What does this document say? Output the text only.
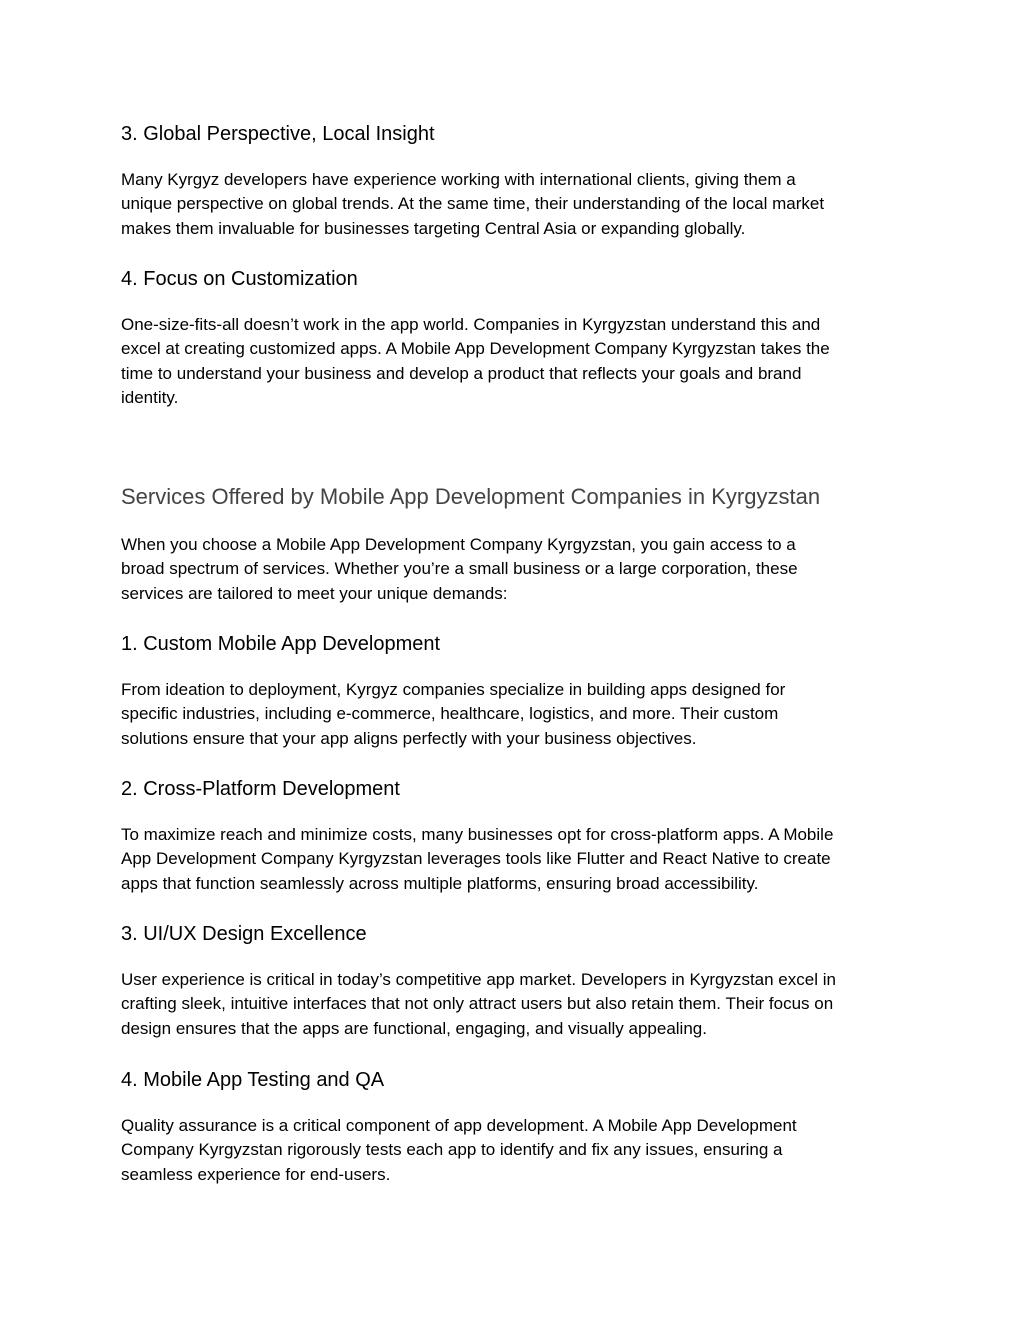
3. Global Perspective, Local Insight

Many Kyrgyz developers have experience working with international clients, giving them a
unique perspective on global trends. At the same time, their understanding of the local market
makes them invaluable for businesses targeting Central Asia or expanding globally.

4. Focus on Customization

One-size-fits-all doesn’t work in the app world. Companies in Kyrgyzstan understand this and
excel at creating customized apps. A Mobile App Development Company Kyrgyzstan takes the
time to understand your business and develop a product that reflects your goals and brand
identity.

Services Offered by Mobile App Development Companies in Kyrgyzstan

When you choose a Mobile App Development Company Kyrgyzstan, you gain access to a
broad spectrum of services. Whether you’re a small business or a large corporation, these
services are tailored to meet your unique demands:

1. Custom Mobile App Development

From ideation to deployment, Kyrgyz companies specialize in building apps designed for
specific industries, including e-commerce, healthcare, logistics, and more. Their custom
solutions ensure that your app aligns perfectly with your business objectives.

2. Cross-Platform Development

To maximize reach and minimize costs, many businesses opt for cross-platform apps. A Mobile
App Development Company Kyrgyzstan leverages tools like Flutter and React Native to create
apps that function seamlessly across multiple platforms, ensuring broad accessibility.

3. UI/UX Design Excellence

User experience is critical in today’s competitive app market. Developers in Kyrgyzstan excel in
crafting sleek, intuitive interfaces that not only attract users but also retain them. Their focus on
design ensures that the apps are functional, engaging, and visually appealing.

4. Mobile App Testing and QA

Quality assurance is a critical component of app development. A Mobile App Development
Company Kyrgyzstan rigorously tests each app to identify and fix any issues, ensuring a
seamless experience for end-users.
